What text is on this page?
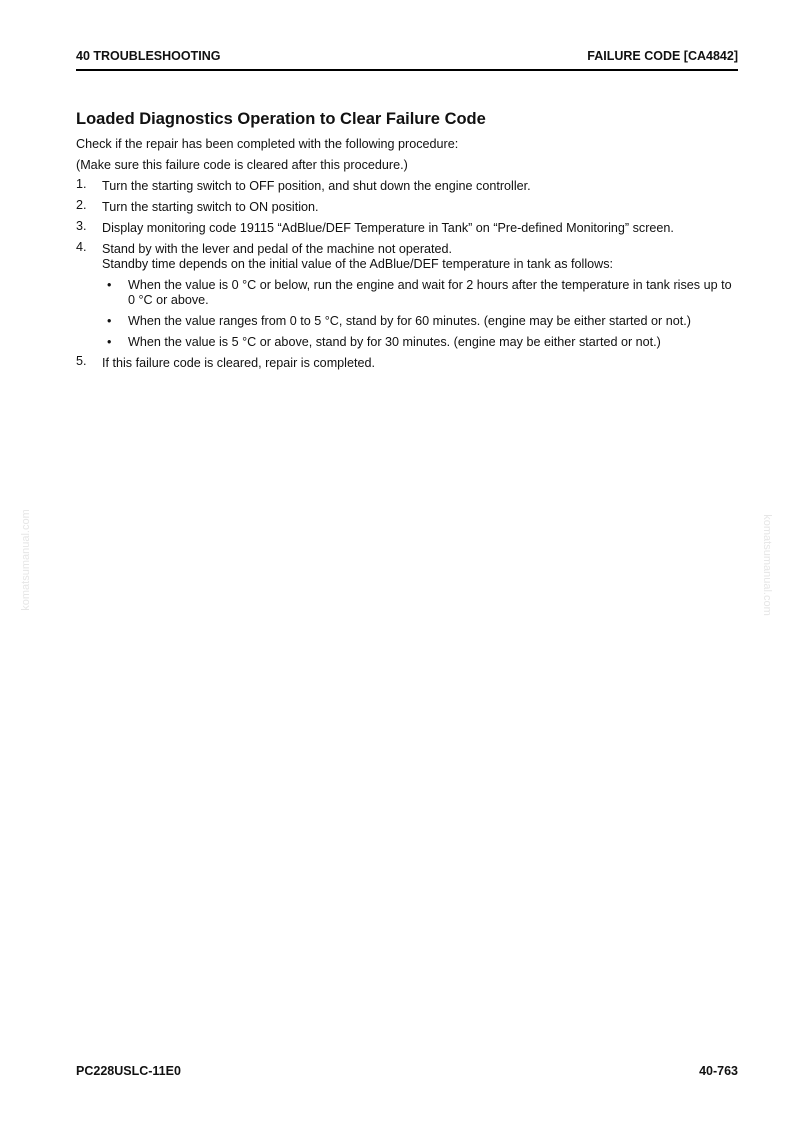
40 TROUBLESHOOTING	FAILURE CODE [CA4842]
Loaded Diagnostics Operation to Clear Failure Code
Check if the repair has been completed with the following procedure:
(Make sure this failure code is cleared after this procedure.)
1. Turn the starting switch to OFF position, and shut down the engine controller.
2. Turn the starting switch to ON position.
3. Display monitoring code 19115 “AdBlue/DEF Temperature in Tank” on “Pre-defined Monitoring” screen.
4. Stand by with the lever and pedal of the machine not operated.
Standby time depends on the initial value of the AdBlue/DEF temperature in tank as follows:
• When the value is 0 °C or below, run the engine and wait for 2 hours after the temperature in tank rises up to 0 °C or above.
• When the value ranges from 0 to 5 °C, stand by for 60 minutes. (engine may be either started or not.)
• When the value is 5 °C or above, stand by for 30 minutes. (engine may be either started or not.)
5. If this failure code is cleared, repair is completed.
komatsumanual.com	komatsumanual.com
PC228USLC-11E0	40-763
